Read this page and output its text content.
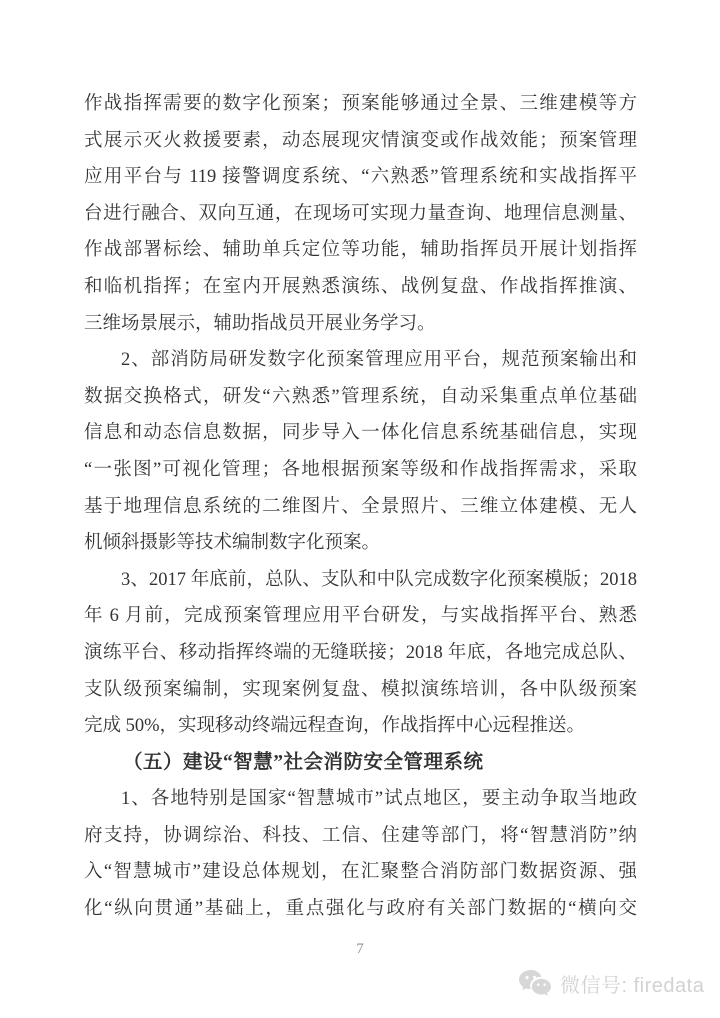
作战指挥需要的数字化预案；预案能够通过全景、三维建模等方
式展示灭火救援要素，动态展现灾情演变或作战效能；预案管理
应用平台与 119 接警调度系统、“六熟悉”管理系统和实战指挥平
台进行融合、双向互通，在现场可实现力量查询、地理信息测量、
作战部署标绘、辅助单兵定位等功能，辅助指挥员开展计划指挥
和临机指挥；在室内开展熟悉演练、战例复盘、作战指挥推演、
三维场景展示，辅助指战员开展业务学习。
2、部消防局研发数字化预案管理应用平台，规范预案输出和
数据交换格式，研发“六熟悉”管理系统，自动采集重点单位基础
信息和动态信息数据，同步导入一体化信息系统基础信息，实现
“一张图”可视化管理；各地根据预案等级和作战指挥需求，采取
基于地理信息系统的二维图片、全景照片、三维立体建模、无人
机倾斜摄影等技术编制数字化预案。
3、2017 年底前，总队、支队和中队完成数字化预案模版；2018
年 6 月前，完成预案管理应用平台研发，与实战指挥平台、熟悉
演练平台、移动指挥终端的无缝联接；2018 年底，各地完成总队、
支队级预案编制，实现案例复盘、模拟演练培训，各中队级预案
完成 50%，实现移动终端远程查询，作战指挥中心远程推送。
（五）建设“智慧”社会消防安全管理系统
1、各地特别是国家“智慧城市”试点地区，要主动争取当地政
府支持，协调综治、科技、工信、住建等部门，将“智慧消防”纳
入“智慧城市”建设总体规划，在汇聚整合消防部门数据资源、强
化“纵向贯通”基础上，重点强化与政府有关部门数据的“横向交
7
微信号: firedata
